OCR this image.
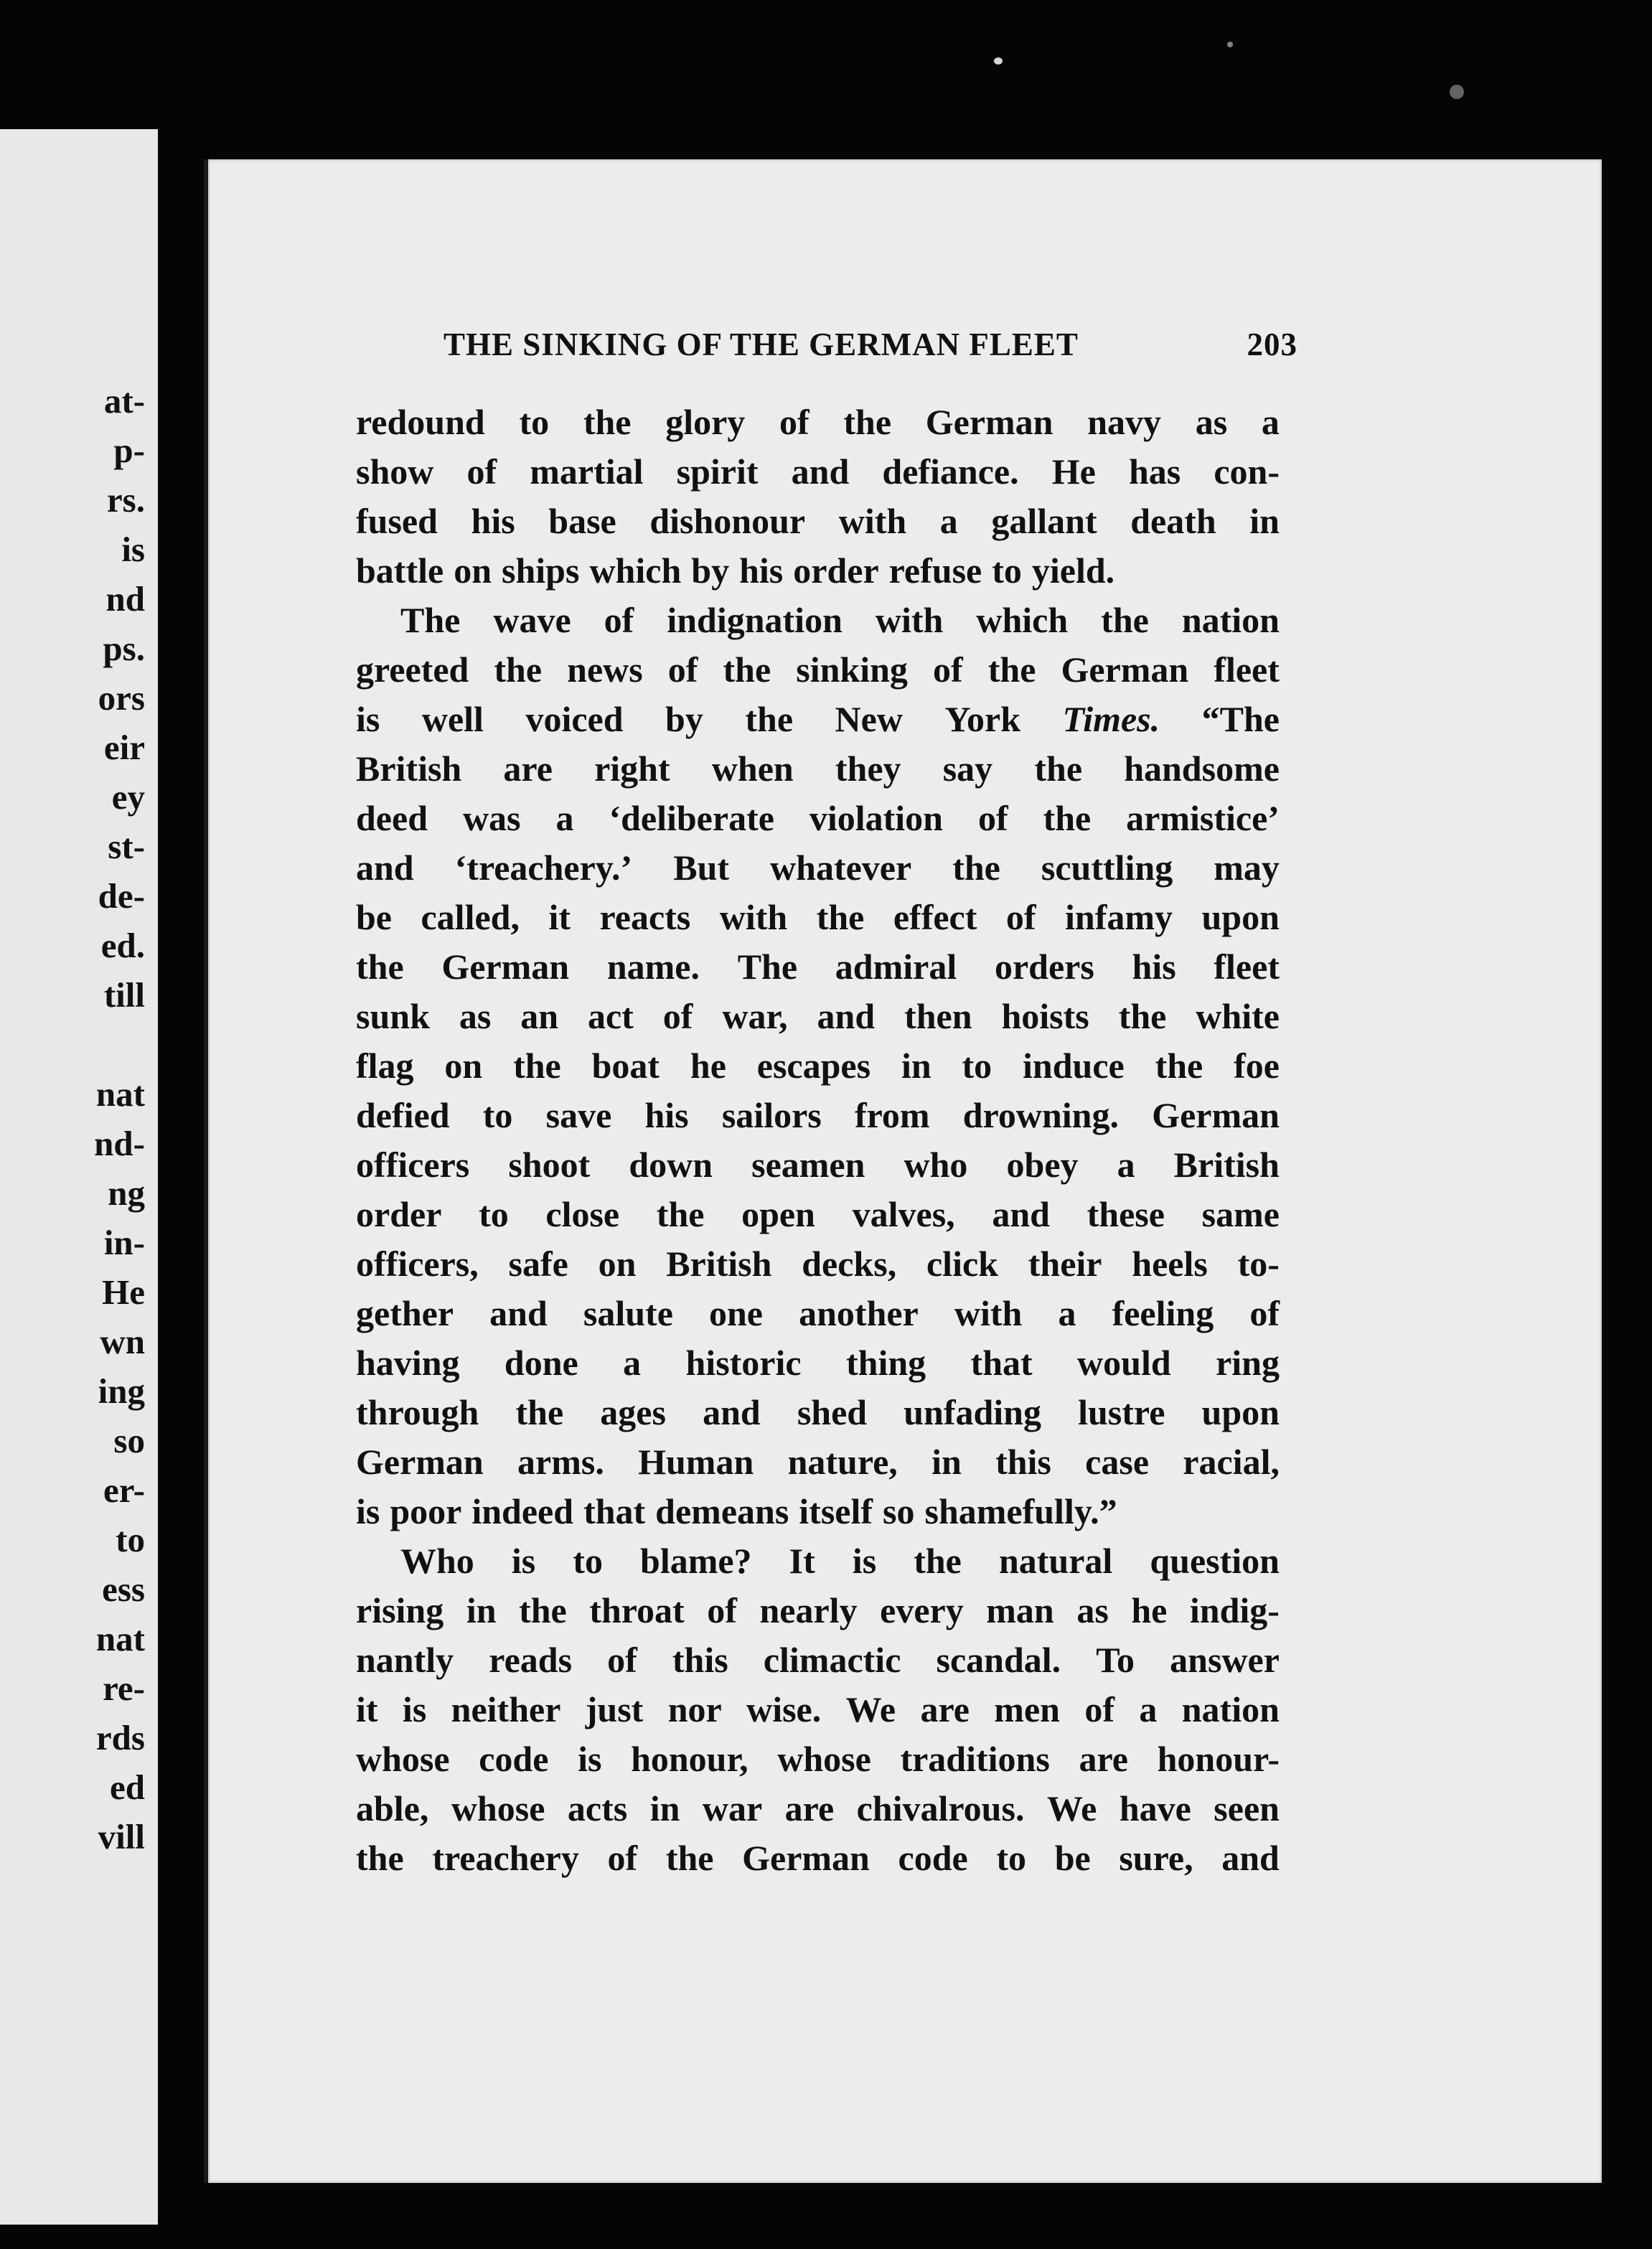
at-
p-
rs.
is
nd
ps.
ors
eir
ey
st-
de-
ed.
till
nat
nd-
ng
in-
He
wn
ing
so
er-
to
ess
nat
re-
rds
ed
vill
THE SINKING OF THE GERMAN FLEET	203
redound to the glory of the German navy as a
show of martial spirit and defiance. He has con-
fused his base dishonour with a gallant death in
battle on ships which by his order refuse to yield.
The wave of indignation with which the nation
greeted the news of the sinking of the German fleet
is well voiced by the New York Times. “The
British are right when they say the handsome
deed was a ‘deliberate violation of the armistice’
and ‘treachery.’ But whatever the scuttling may
be called, it reacts with the effect of infamy upon
the German name. The admiral orders his fleet
sunk as an act of war, and then hoists the white
flag on the boat he escapes in to induce the foe
defied to save his sailors from drowning. German
officers shoot down seamen who obey a British
order to close the open valves, and these same
officers, safe on British decks, click their heels to-
gether and salute one another with a feeling of
having done a historic thing that would ring
through the ages and shed unfading lustre upon
German arms. Human nature, in this case racial,
is poor indeed that demeans itself so shamefully.”
Who is to blame? It is the natural question
rising in the throat of nearly every man as he indig-
nantly reads of this climactic scandal. To answer
it is neither just nor wise. We are men of a nation
whose code is honour, whose traditions are honour-
able, whose acts in war are chivalrous. We have seen
the treachery of the German code to be sure, and
